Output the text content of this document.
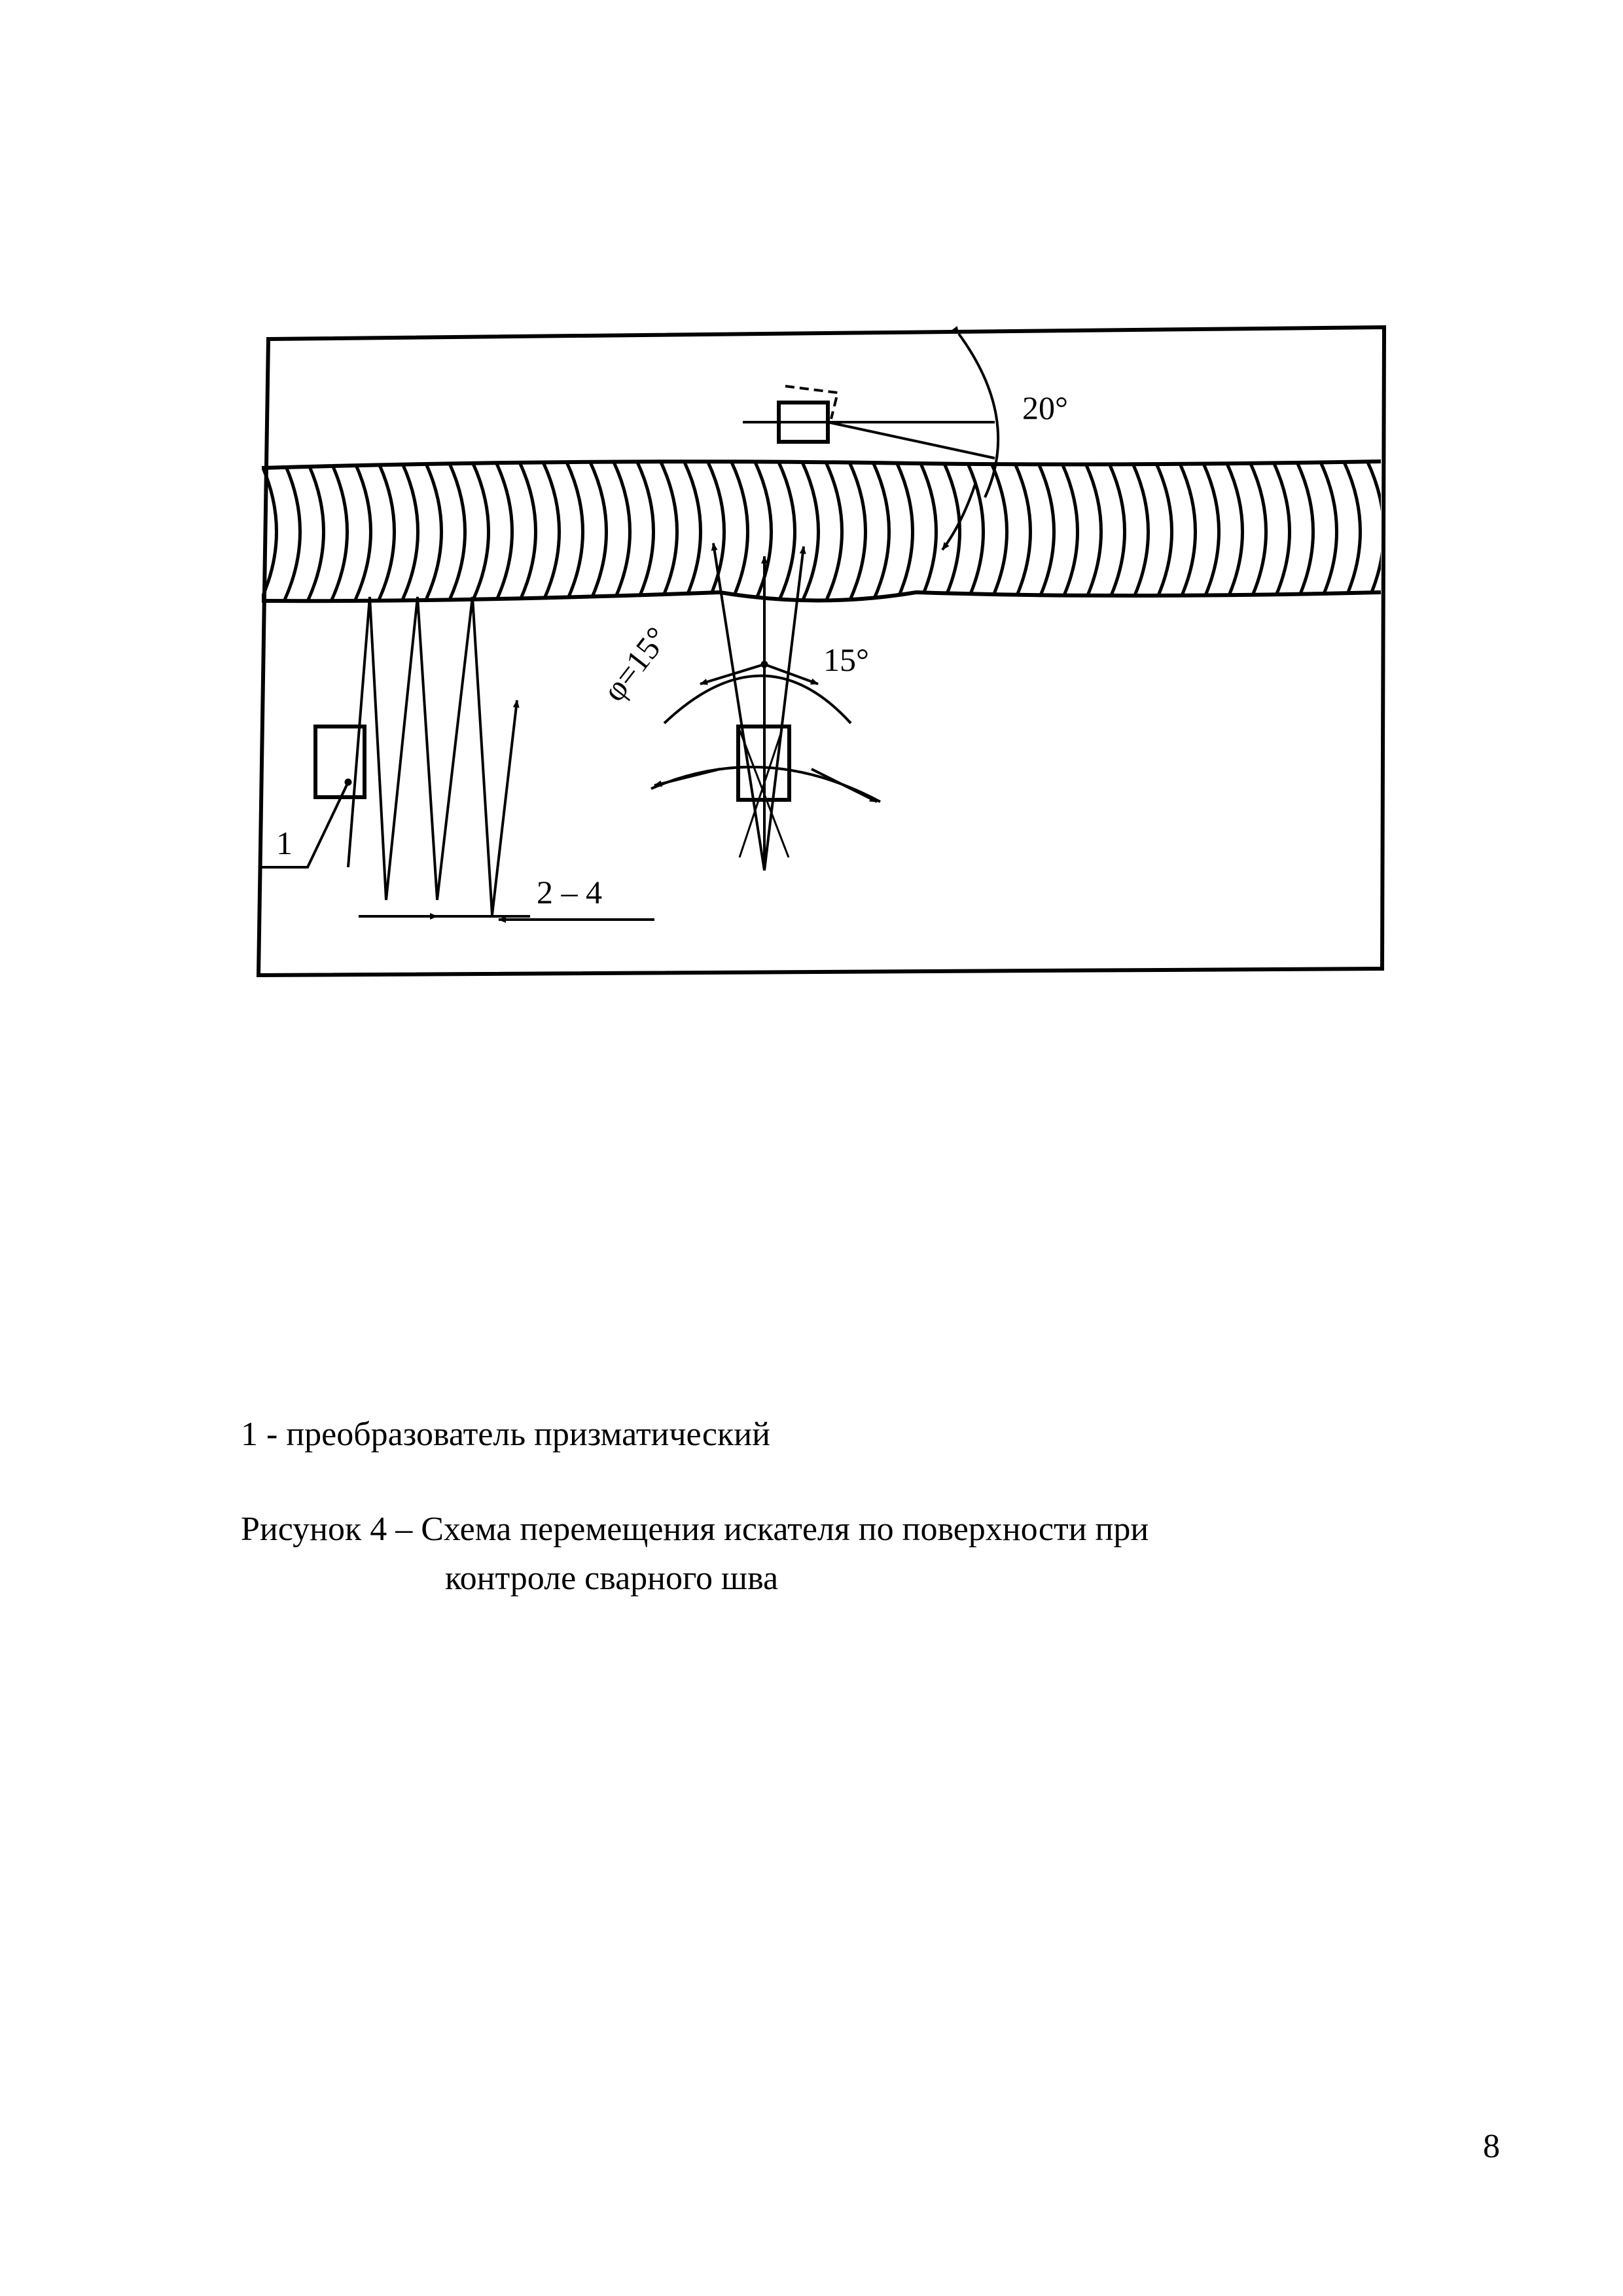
20°
φ=15°	15°
1
2 – 4
1 - преобразователь призматический
Рисунок 4 – Схема перемещения искателя по поверхности при
контроле сварного шва
8
